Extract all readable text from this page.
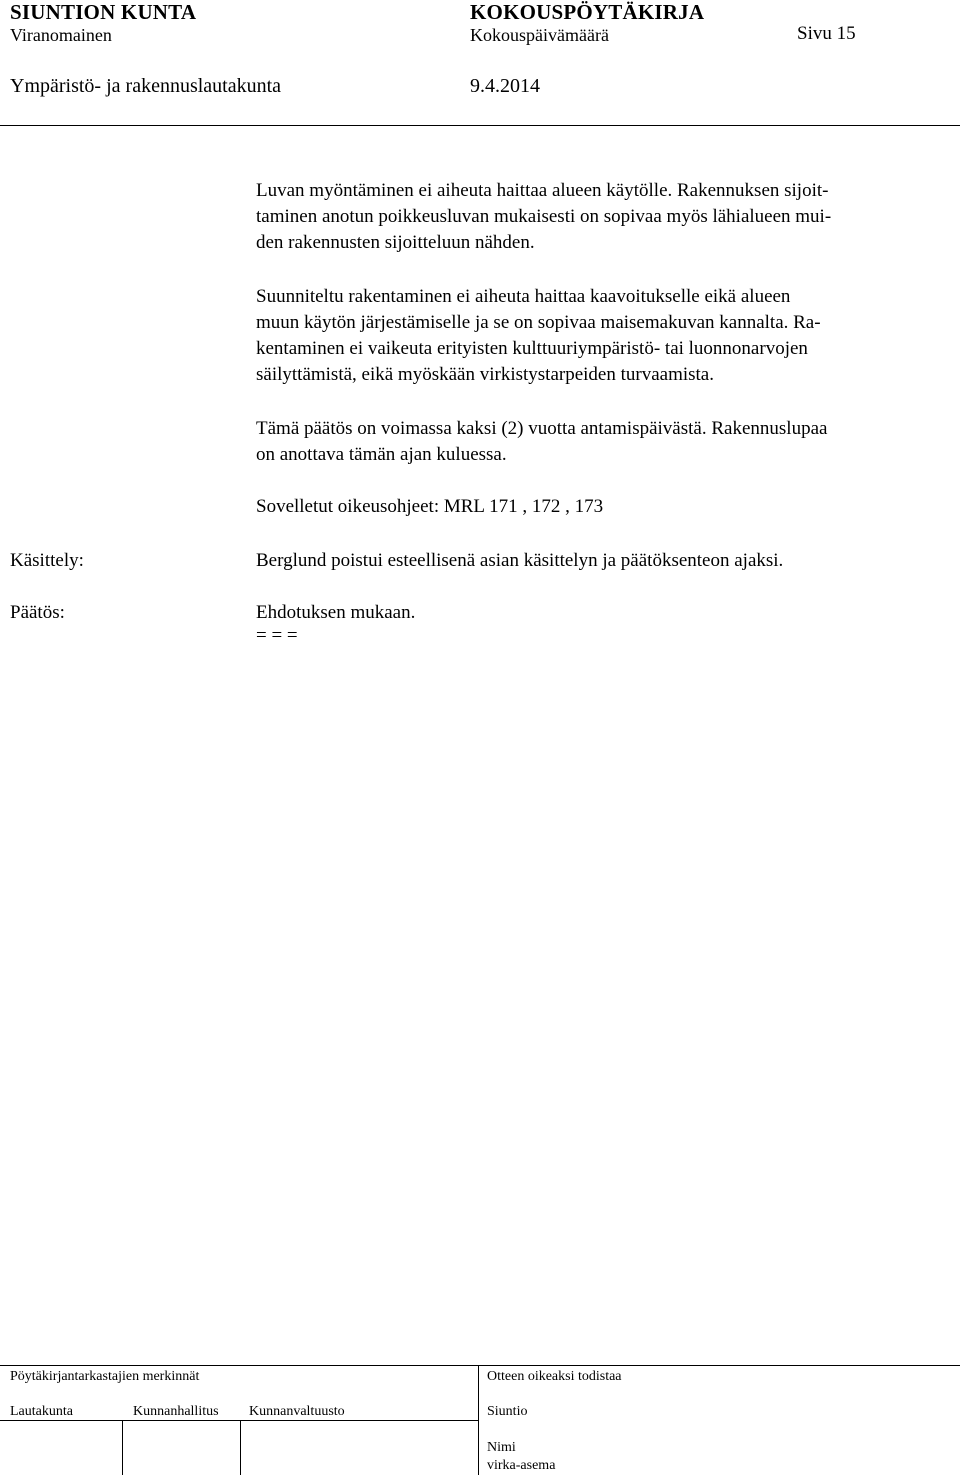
SIUNTION KUNTA
Viranomainen
KOKOUSPÖYTÄKIRJA
Kokouspäivämäärä	Sivu 15
Ympäristö- ja rakennuslautakunta	9.4.2014
Luvan myöntäminen ei aiheuta haittaa alueen käytölle. Rakennuksen sijoit-
taminen anotun poikkeusluvan mukaisesti on sopivaa myös lähialueen mui-
den rakennusten sijoitteluun nähden.
Suunniteltu rakentaminen ei aiheuta haittaa kaavoitukselle eikä alueen
muun käytön järjestämiselle ja se on sopivaa maisemakuvan kannalta. Ra-
kentaminen ei vaikeuta erityisten kulttuuriympäristö- tai luonnonarvojen
säilyttämistä, eikä myöskään virkistystarpeiden turvaamista.
Tämä päätös on voimassa kaksi (2) vuotta antamispäivästä. Rakennuslupaa
on anottava tämän ajan kuluessa.
Sovelletut oikeusohjeet: MRL 171 , 172 , 173
Käsittely:	Berglund poistui esteellisenä asian käsittelyn ja päätöksenteon ajaksi.
Päätös:	Ehdotuksen mukaan.
= = =
Pöytäkirjantarkastajien merkinnät	Otteen oikeaksi todistaa
Lautakunta	Kunnanhallitus Kunnanvaltuusto	Siuntio
Nimi
virka-asema
